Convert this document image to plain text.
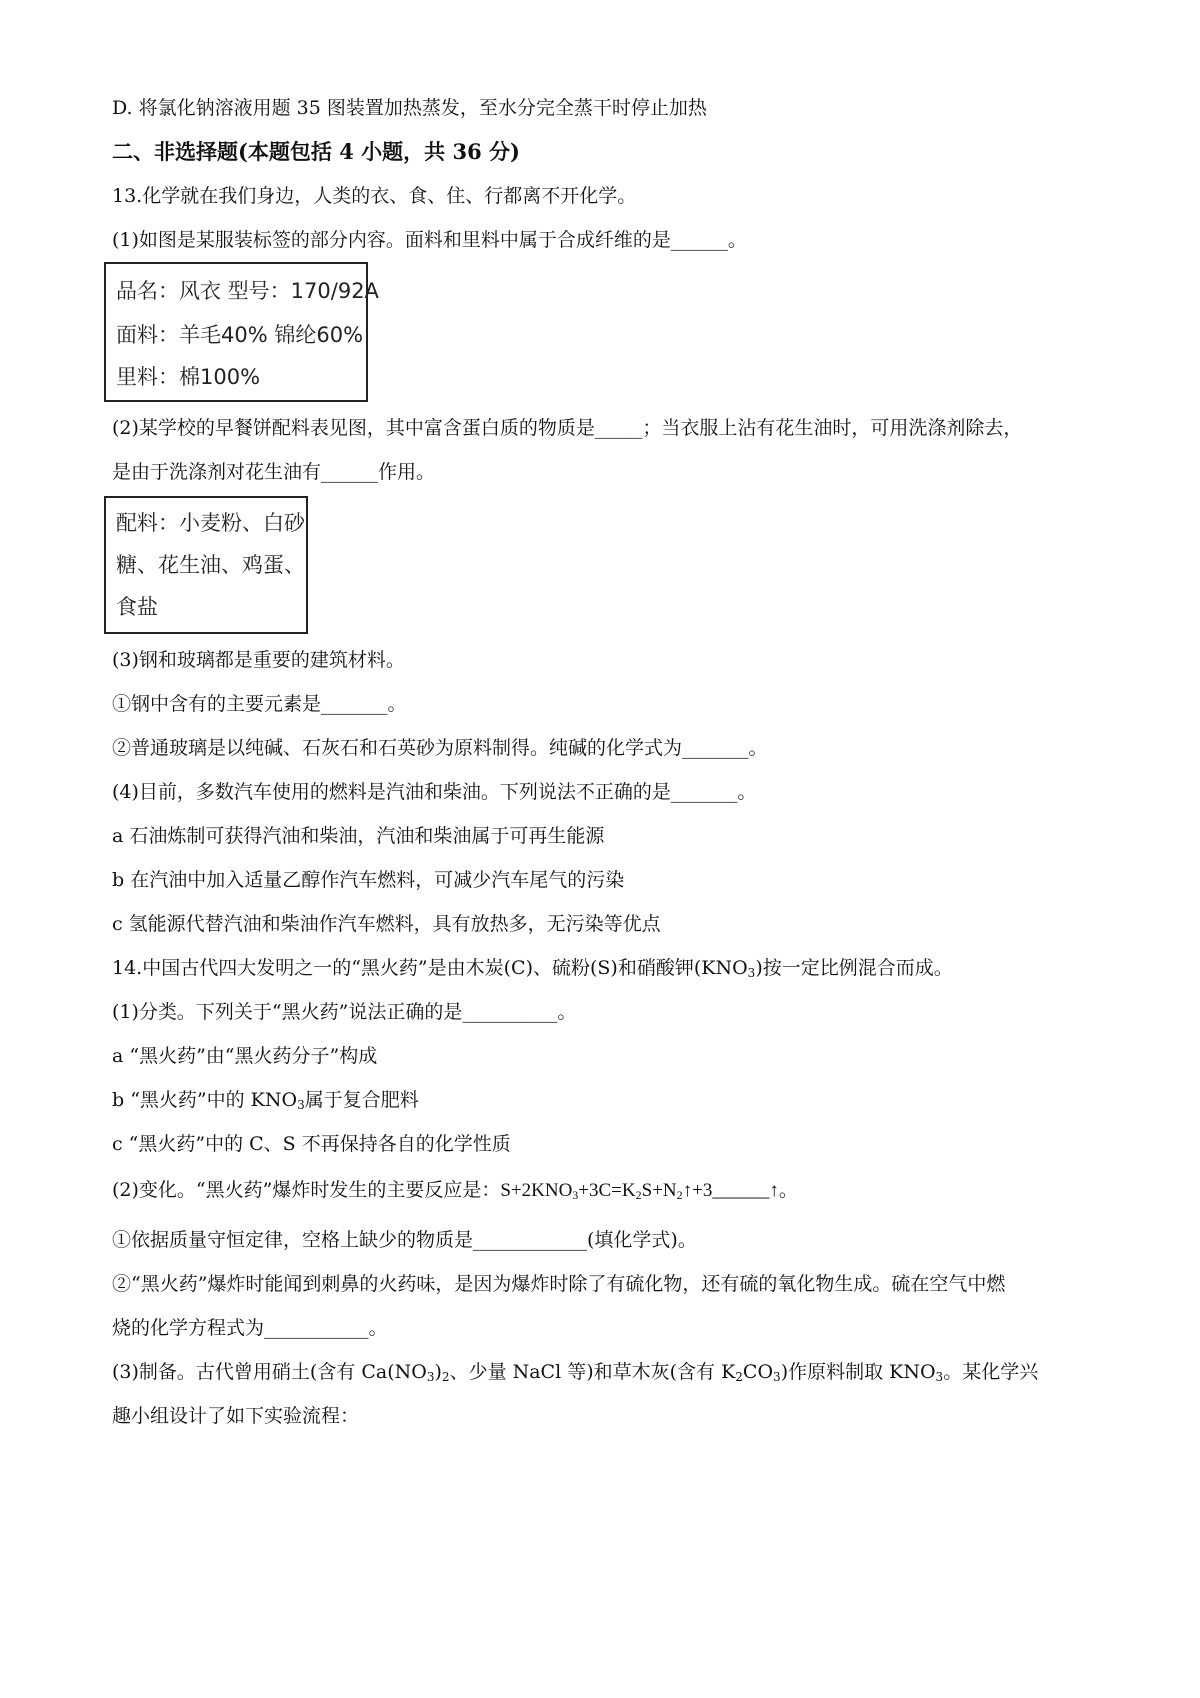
D. 将氯化钠溶液用题 35 图装置加热蒸发，至水分完全蒸干时停止加热
二、非选择题(本题包括 4 小题，共 36 分)
13.化学就在我们身边，人类的衣、食、住、行都离不开化学。
(1)如图是某服装标签的部分内容。面料和里料中属于合成纤维的是______。
品名：风衣 型号：170/92A
面料：羊毛40% 锦纶60%
里料：棉100%
(2)某学校的早餐饼配料表见图，其中富含蛋白质的物质是_____；当衣服上沾有花生油时，可用洗涤剂除去，
是由于洗涤剂对花生油有______作用。
配料：小麦粉、白砂
糖、花生油、鸡蛋、
食盐
(3)钢和玻璃都是重要的建筑材料。
①钢中含有的主要元素是_______。
②普通玻璃是以纯碱、石灰石和石英砂为原料制得。纯碱的化学式为_______。
(4)目前，多数汽车使用的燃料是汽油和柴油。下列说法不正确的是_______。
a 石油炼制可获得汽油和柴油，汽油和柴油属于可再生能源
b 在汽油中加入适量乙醇作汽车燃料，可减少汽车尾气的污染
c 氢能源代替汽油和柴油作汽车燃料，具有放热多，无污染等优点
14.中国古代四大发明之一的“黑火药”是由木炭(C)、硫粉(S)和硝酸钾$(KNO_3)$按一定比例混合而成。
(1)分类。下列关于“黑火药”说法正确的是__________。
a “黑火药”由“黑火药分子”构成
b “黑火药”中的 $KNO_3$属于复合肥料
c “黑火药”中的 C、S 不再保持各自的化学性质
(2)变化。“黑火药”爆炸时发生的主要反应是：$S+2KNO_3+3C=K_2S+N_2↑+3\_\_\_\_\_\_↑$。
①依据质量守恒定律，空格上缺少的物质是____________(填化学式)。
②“黑火药”爆炸时能闻到刺鼻的火药味，是因为爆炸时除了有硫化物，还有硫的氧化物生成。硫在空气中燃
烧的化学方程式为___________。
(3)制备。古代曾用硝土(含有 $Ca(NO_3)_2$、少量 NaCl 等)和草木灰(含有 $K_2CO_3$)作原料制取 $KNO_3$。某化学兴
趣小组设计了如下实验流程：
